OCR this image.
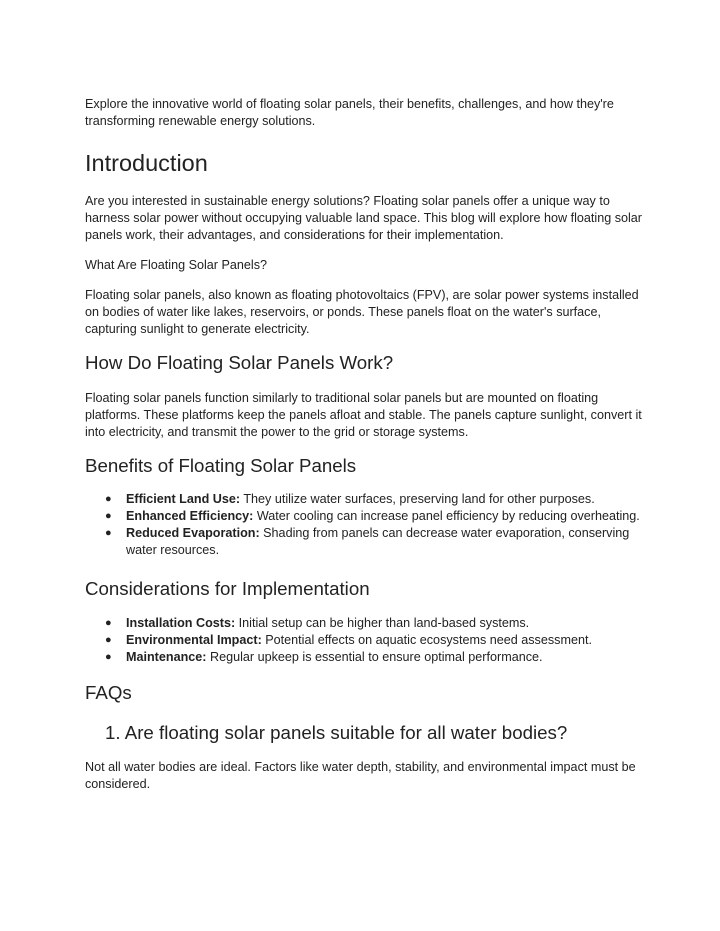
Explore the innovative world of floating solar panels, their benefits, challenges, and how they're transforming renewable energy solutions.

Introduction

Are you interested in sustainable energy solutions? Floating solar panels offer a unique way to harness solar power without occupying valuable land space. This blog will explore how floating solar panels work, their advantages, and considerations for their implementation.

What Are Floating Solar Panels?

Floating solar panels, also known as floating photovoltaics (FPV), are solar power systems installed on bodies of water like lakes, reservoirs, or ponds. These panels float on the water's surface, capturing sunlight to generate electricity.

How Do Floating Solar Panels Work?

Floating solar panels function similarly to traditional solar panels but are mounted on floating platforms. These platforms keep the panels afloat and stable. The panels capture sunlight, convert it into electricity, and transmit the power to the grid or storage systems.

Benefits of Floating Solar Panels
● Efficient Land Use: They utilize water surfaces, preserving land for other purposes.
● Enhanced Efficiency: Water cooling can increase panel efficiency by reducing overheating.
● Reduced Evaporation: Shading from panels can decrease water evaporation, conserving water resources.
Considerations for Implementation
● Installation Costs: Initial setup can be higher than land-based systems.
● Environmental Impact: Potential effects on aquatic ecosystems need assessment.
● Maintenance: Regular upkeep is essential to ensure optimal performance.
FAQs
1. Are floating solar panels suitable for all water bodies?

Not all water bodies are ideal. Factors like water depth, stability, and environmental impact must be considered.
